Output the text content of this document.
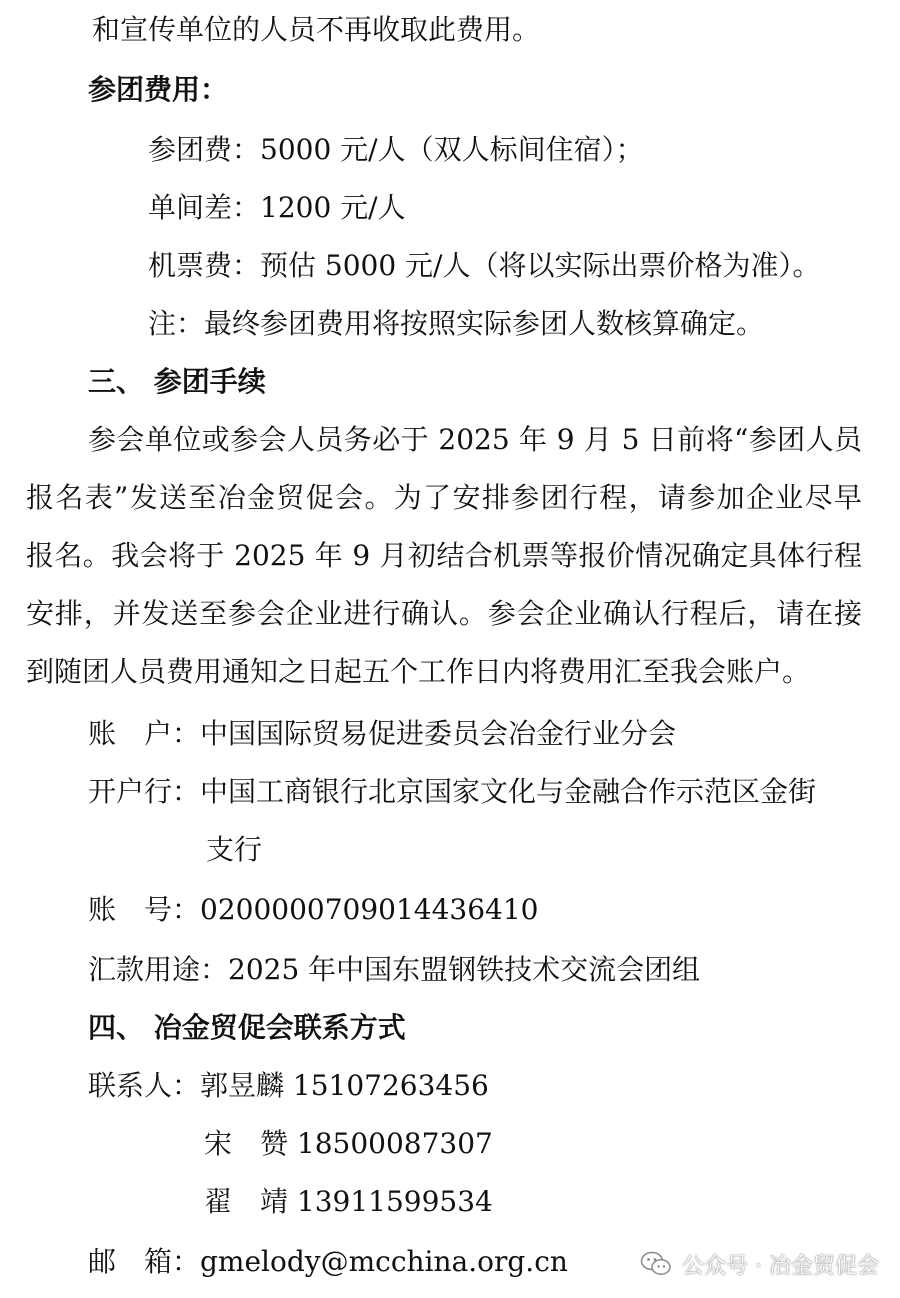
和宣传单位的人员不再收取此费用。
参团费用：
参团费：5000 元/人（双人标间住宿）；
单间差：1200 元/人
机票费：预估 5000 元/人（将以实际出票价格为准）。
注：最终参团费用将按照实际参团人数核算确定。
三、 参团手续
参会单位或参会人员务必于 2025 年 9 月 5 日前将“参团人员
报名表”发送至冶金贸促会。为了安排参团行程，请参加企业尽早
报名。我会将于 2025 年 9 月初结合机票等报价情况确定具体行程
安排，并发送至参会企业进行确认。参会企业确认行程后，请在接
到随团人员费用通知之日起五个工作日内将费用汇至我会账户。
账　户：中国国际贸易促进委员会冶金行业分会
开户行：中国工商银行北京国家文化与金融合作示范区金街
支行
账　号：0200000709014436410
汇款用途：2025 年中国东盟钢铁技术交流会团组
四、 冶金贸促会联系方式
联系人：郭昱麟 15107263456
宋　赞 18500087307
翟　靖 13911599534
邮　箱：gmelody@mcchina.org.cn	公众号 · 冶金贸促会
